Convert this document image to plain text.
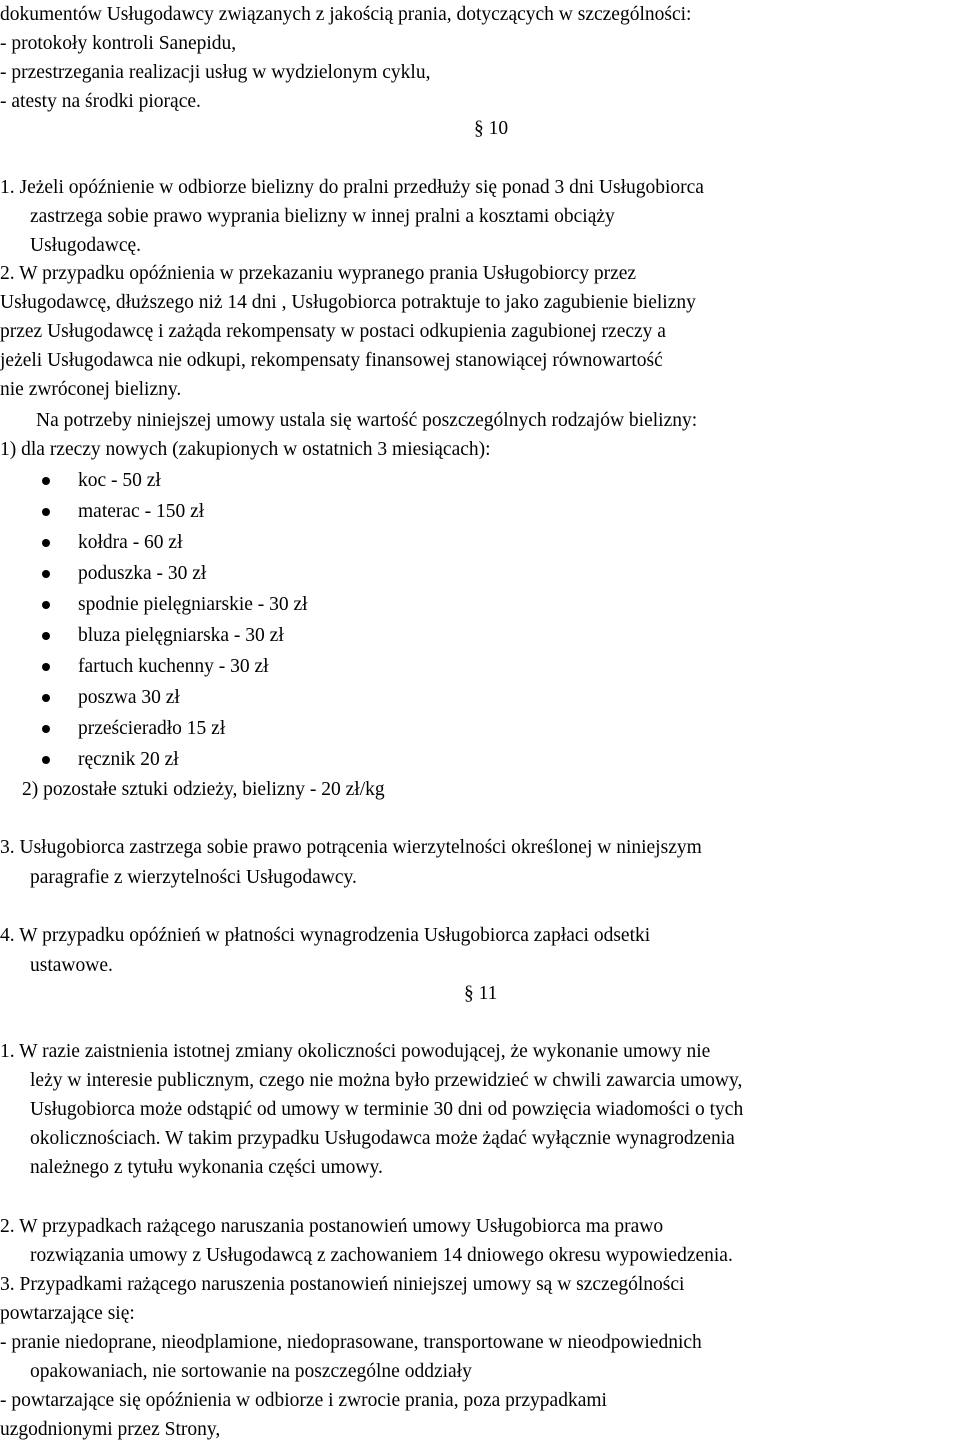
dokumentów Usługodawcy związanych z jakością prania, dotyczących w szczególności:
- protokoły kontroli Sanepidu,
- przestrzegania realizacji usług w wydzielonym cyklu,
- atesty na środki piorące.
§ 10
1. Jeżeli opóźnienie w odbiorze bielizny do pralni przedłuży się ponad 3 dni Usługobiorca
zastrzega sobie prawo wyprania bielizny w innej pralni a kosztami obciąży
Usługodawcę.
2. W przypadku opóźnienia w przekazaniu wypranego prania Usługobiorcy przez
Usługodawcę, dłuższego niż 14 dni , Usługobiorca potraktuje to jako zagubienie bielizny
przez Usługodawcę i zażąda rekompensaty w postaci odkupienia zagubionej rzeczy a
jeżeli Usługodawca nie odkupi, rekompensaty finansowej stanowiącej równowartość
nie zwróconej bielizny.
Na potrzeby niniejszej umowy ustala się wartość poszczególnych rodzajów bielizny:
1) dla rzeczy nowych (zakupionych w ostatnich 3 miesiącach):
koc - 50 zł
materac - 150 zł
kołdra - 60 zł
poduszka - 30 zł
spodnie pielęgniarskie - 30 zł
bluza pielęgniarska - 30 zł
fartuch kuchenny - 30 zł
poszwa 30 zł
prześcieradło 15 zł
ręcznik 20 zł
2) pozostałe sztuki odzieży, bielizny - 20 zł/kg
3. Usługobiorca zastrzega sobie prawo potrącenia wierzytelności określonej w niniejszym
paragrafie z wierzytelności Usługodawcy.
4. W przypadku opóźnień w płatności wynagrodzenia Usługobiorca zapłaci odsetki
ustawowe.
§ 11
1. W razie zaistnienia istotnej zmiany okoliczności powodującej, że wykonanie umowy nie
leży w interesie publicznym, czego nie można było przewidzieć w chwili zawarcia umowy,
Usługobiorca może odstąpić od umowy w terminie 30 dni od powzięcia wiadomości o tych
okolicznościach. W takim przypadku Usługodawca może żądać wyłącznie wynagrodzenia
należnego z tytułu wykonania części umowy.
2. W przypadkach rażącego naruszania postanowień umowy Usługobiorca ma prawo
rozwiązania umowy z Usługodawcą z zachowaniem 14 dniowego okresu wypowiedzenia.
3. Przypadkami rażącego naruszenia postanowień niniejszej umowy są w szczególności
powtarzające się:
- pranie niedoprane, nieodplamione, niedoprasowane, transportowane w nieodpowiednich
opakowaniach, nie sortowanie na poszczególne oddziały
- powtarzające się opóźnienia w odbiorze i zwrocie prania, poza przypadkami
uzgodnionymi przez Strony,
